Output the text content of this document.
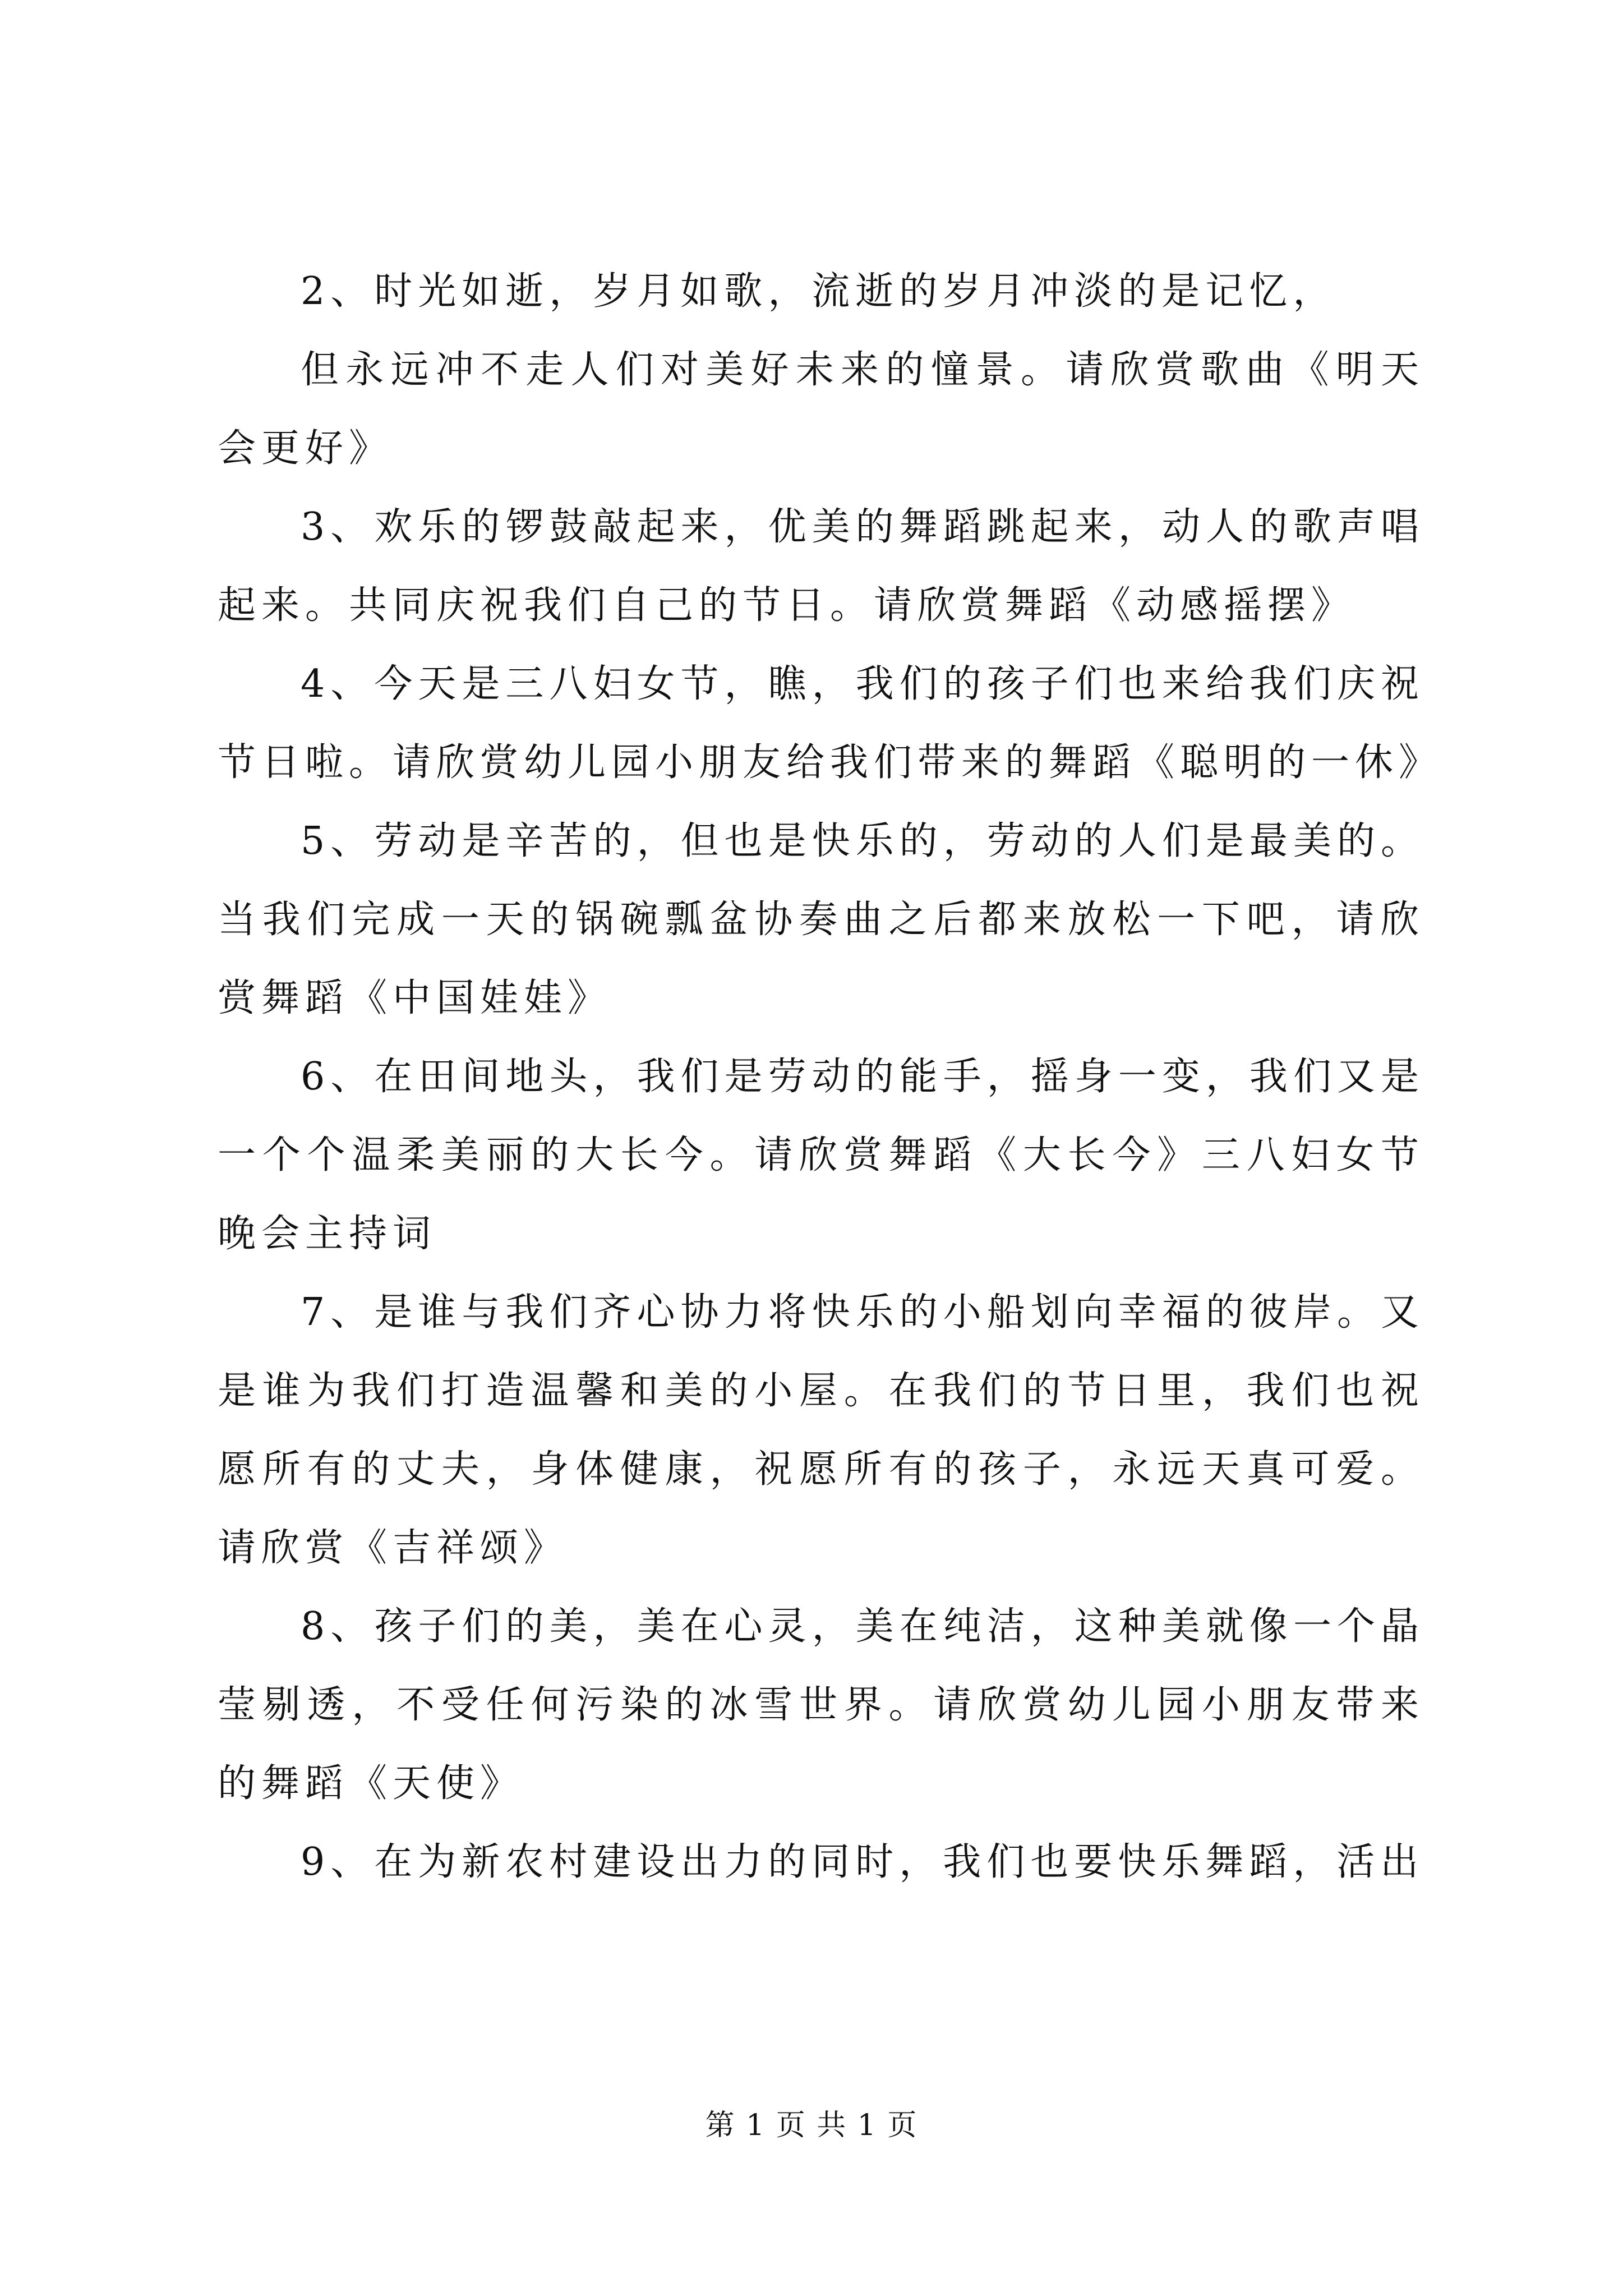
2、时光如逝，岁月如歌，流逝的岁月冲淡的是记忆，

但永远冲不走人们对美好未来的憧景。请欣赏歌曲《明天会更好》

3、欢乐的锣鼓敲起来，优美的舞蹈跳起来，动人的歌声唱起来。共同庆祝我们自己的节日。请欣赏舞蹈《动感摇摆》

4、今天是三八妇女节，瞧，我们的孩子们也来给我们庆祝节日啦。请欣赏幼儿园小朋友给我们带来的舞蹈《聪明的一休》

5、劳动是辛苦的，但也是快乐的，劳动的人们是最美的。当我们完成一天的锅碗瓢盆协奏曲之后都来放松一下吧，请欣赏舞蹈《中国娃娃》

6、在田间地头，我们是劳动的能手，摇身一变，我们又是一个个温柔美丽的大长今。请欣赏舞蹈《大长今》三八妇女节晚会主持词

7、是谁与我们齐心协力将快乐的小船划向幸福的彼岸。又是谁为我们打造温馨和美的小屋。在我们的节日里，我们也祝愿所有的丈夫，身体健康，祝愿所有的孩子，永远天真可爱。请欣赏《吉祥颂》

8、孩子们的美，美在心灵，美在纯洁，这种美就像一个晶莹剔透，不受任何污染的冰雪世界。请欣赏幼儿园小朋友带来的舞蹈《天使》

9、在为新农村建设出力的同时，我们也要快乐舞蹈，活出

第 1 页 共 1 页
